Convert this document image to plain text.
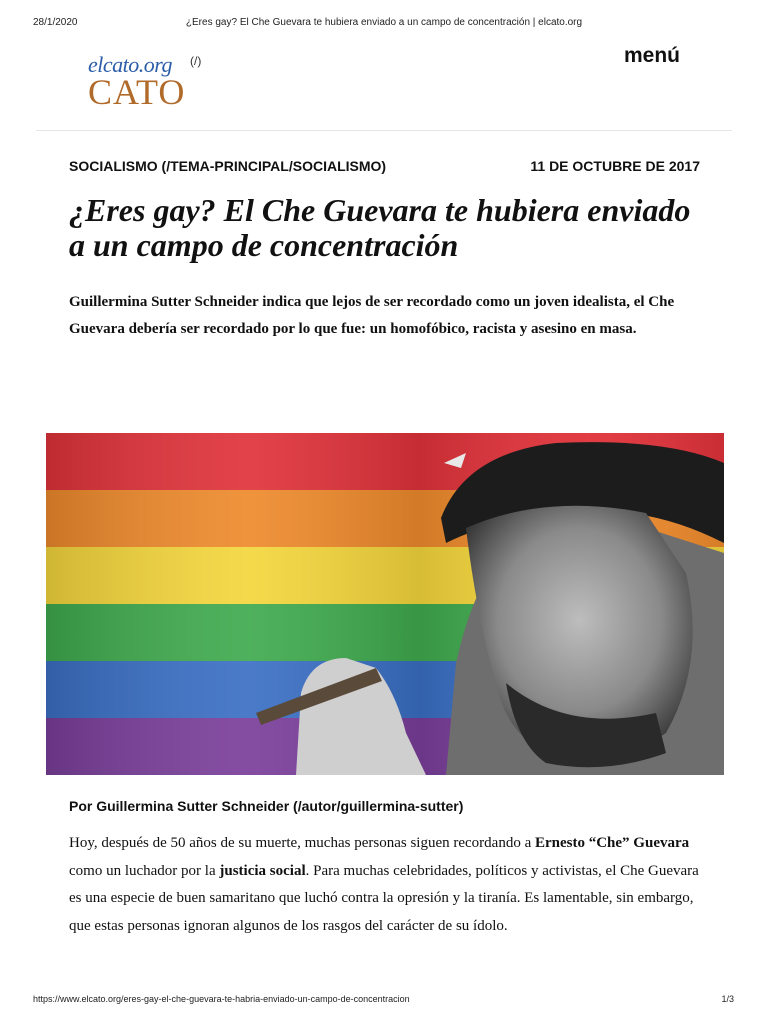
28/1/2020	¿Eres gay? El Che Guevara te hubiera enviado a un campo de concentración | elcato.org
elcato.org
CATO
(/)	menú
SOCIALISMO (/TEMA-PRINCIPAL/SOCIALISMO)	11 DE OCTUBRE DE 2017
¿Eres gay? El Che Guevara te hubiera enviado a un campo de concentración

Guillermina Sutter Schneider indica que lejos de ser recordado como un joven idealista, el Che Guevara debería ser recordado por lo que fue: un homofóbico, racista y asesino en masa.

Por Guillermina Sutter Schneider (/autor/guillermina-sutter)

Hoy, después de 50 años de su muerte, muchas personas siguen recordando a Ernesto “Che” Guevara como un luchador por la justicia social. Para muchas celebridades, políticos y activistas, el Che Guevara es una especie de buen samaritano que luchó contra la opresión y la tiranía. Es lamentable, sin embargo, que estas personas ignoran algunos de los rasgos del carácter de su ídolo.

https://www.elcato.org/eres-gay-el-che-guevara-te-habria-enviado-un-campo-de-concentracion	1/3
